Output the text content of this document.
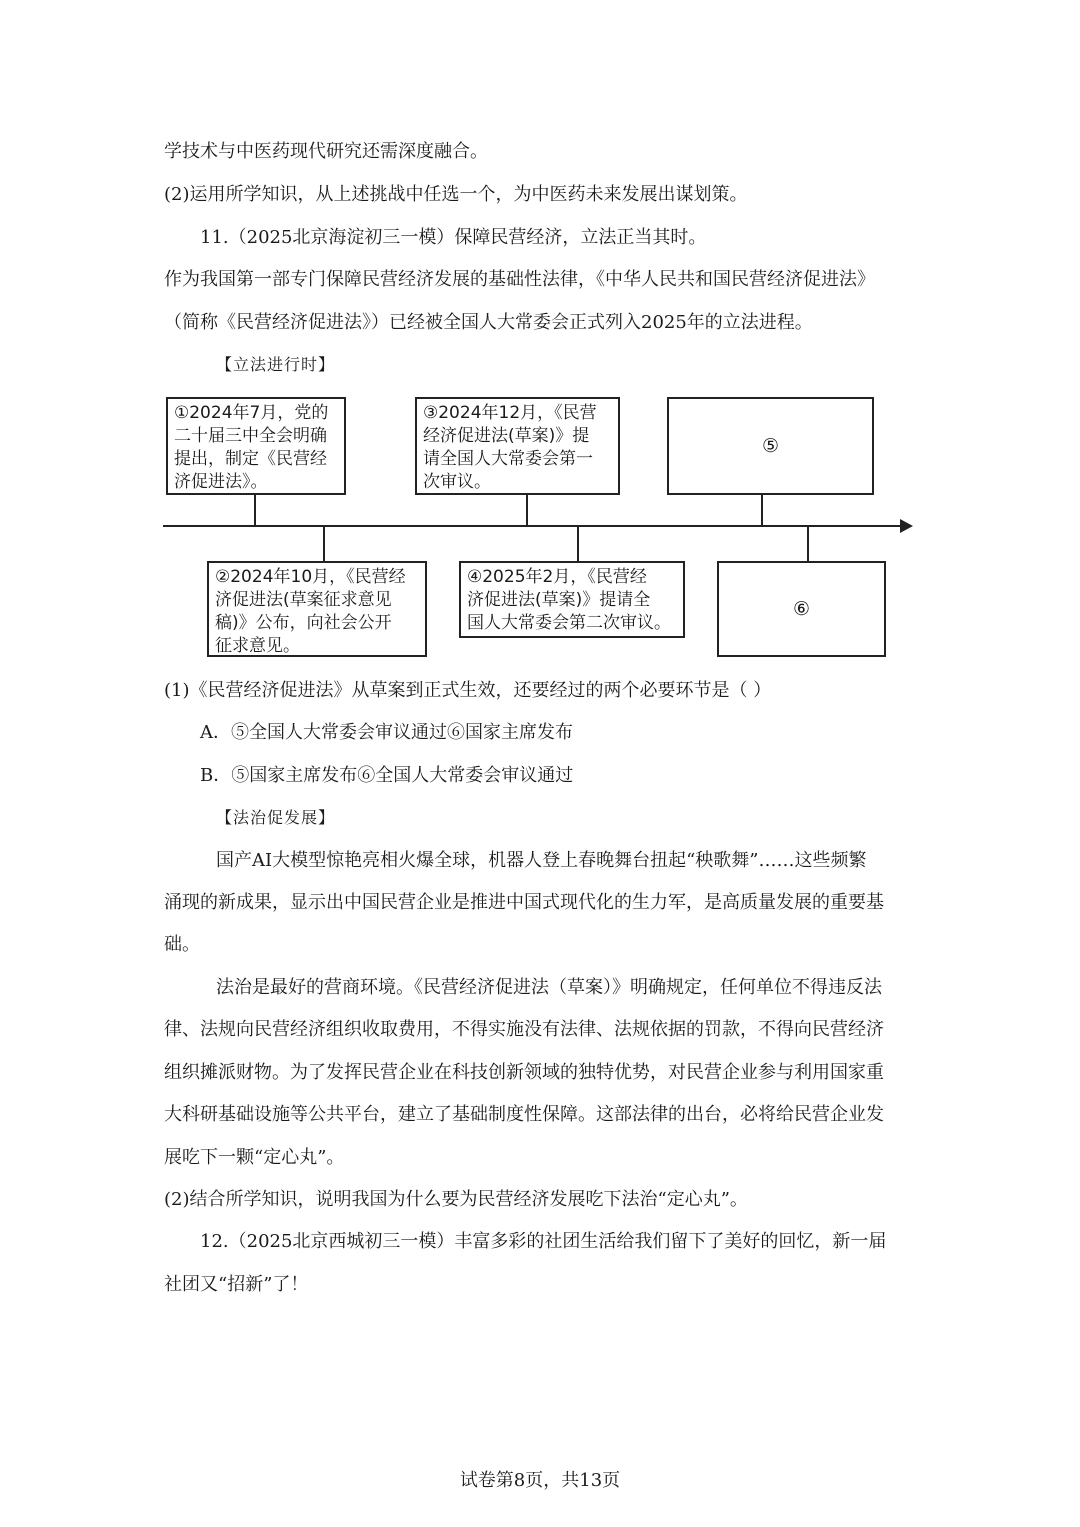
学技术与中医药现代研究还需深度融合。
(2)运用所学知识，从上述挑战中任选一个，为中医药未来发展出谋划策。
11.（2025北京海淀初三一模）保障民营经济，立法正当其时。
作为我国第一部专门保障民营经济发展的基础性法律，《中华人民共和国民营经济促进法》
（简称《民营经济促进法》）已经被全国人大常委会正式列入2025年的立法进程。
【立法进行时】
①2024年7月，党的
二十届三中全会明确
提出，制定《民营经
济促进法》。
③2024年12月，《民营
经济促进法(草案)》提
请全国人大常委会第一
次审议。
⑤
②2024年10月，《民营经
济促进法(草案征求意见
稿)》公布，向社会公开
征求意见。
④2025年2月，《民营经
济促进法(草案)》提请全
国人大常委会第二次审议。
⑥
(1)《民营经济促进法》从草案到正式生效，还要经过的两个必要环节是（ ）
A．⑤全国人大常委会审议通过⑥国家主席发布
B．⑤国家主席发布⑥全国人大常委会审议通过
【法治促发展】
国产AI大模型惊艳亮相火爆全球，机器人登上春晚舞台扭起“秧歌舞”……这些频繁
涌现的新成果，显示出中国民营企业是推进中国式现代化的生力军，是高质量发展的重要基
础。
法治是最好的营商环境。《民营经济促进法（草案）》明确规定，任何单位不得违反法
律、法规向民营经济组织收取费用，不得实施没有法律、法规依据的罚款，不得向民营经济
组织摊派财物。为了发挥民营企业在科技创新领域的独特优势，对民营企业参与利用国家重
大科研基础设施等公共平台，建立了基础制度性保障。这部法律的出台，必将给民营企业发
展吃下一颗“定心丸”。
(2)结合所学知识，说明我国为什么要为民营经济发展吃下法治“定心丸”。
12.（2025北京西城初三一模）丰富多彩的社团生活给我们留下了美好的回忆，新一届
社团又“招新”了！
试卷第8页，共13页
